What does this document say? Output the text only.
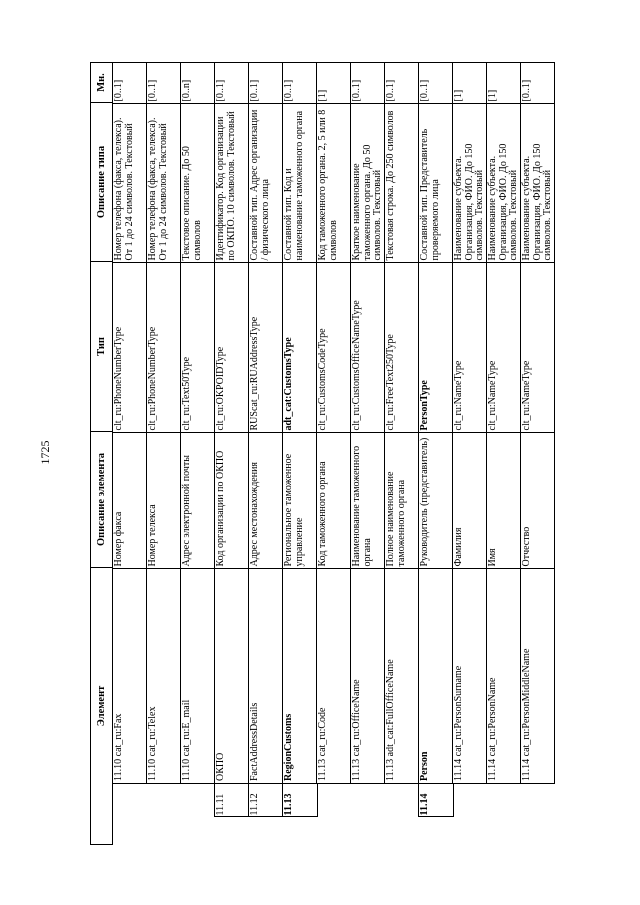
1725
Элемент
Описание элемента
Тип
Описание типа
Мн.
11.10 cat_ru:Fax
Номер факса
clt_ru:PhoneNumberType
Номер телефона (факса, телекса). От 1 до 24 символов. Текстовый
[0..1]
11.10 cat_ru:Telex
Номер телекса
clt_ru:PhoneNumberType
Номер телефона (факса, телекса). От 1 до 24 символов. Текстовый
[0..1]
11.10 cat_ru:E_mail
Адрес электронной почты
clt_ru:Text50Type
Текстовое описание. До 50 символов
[0..n]
11.11
ОКПО
Код организации по ОКПО
clt_ru:OKPOIDType
Идентификатор. Код организации по ОКПО. 10 символов. Текстовый
[0..1]
11.12
FactAddressDetails
Адрес местонахождения
RUScat_ru:RUAddressType
Составной тип. Адрес организации / физического лица
[0..1]
11.13
RegionCustoms
Региональное таможенное управление
adt_cat:CustomsType
Составной тип. Код и наименование таможенного органа
[0..1]
11.13 cat_ru:Code
Код таможенного органа
clt_ru:CustomsCodeType
Код таможенного органа. 2, 5 или 8 символов
[1]
11.13 cat_ru:OfficeName
Наименование таможенного органа
clt_ru:CustomsOfficeNameType
Краткое наименование таможенного органа. До 50 символов. Текстовый
[0..1]
11.13 adt_cat:FullOfficeName
Полное наименование таможенного органа
clt_ru:FreeText250Type
Текстовая строка. До 250 символов
[0..1]
11.14
Person
Руководитель (представитель)
PersonType
Составной тип. Представитель проверяемого лица
[0..1]
11.14 cat_ru:PersonSurname
Фамилия
clt_ru:NameType
Наименование субъекта. Организация, ФИО. До 150 символов. Текстовый
[1]
11.14 cat_ru:PersonName
Имя
clt_ru:NameType
Наименование субъекта. Организация, ФИО. До 150 символов. Текстовый
[1]
11.14 cat_ru:PersonMiddleName
Отчество
clt_ru:NameType
Наименование субъекта. Организация, ФИО. До 150 символов. Текстовый
[0..1]
